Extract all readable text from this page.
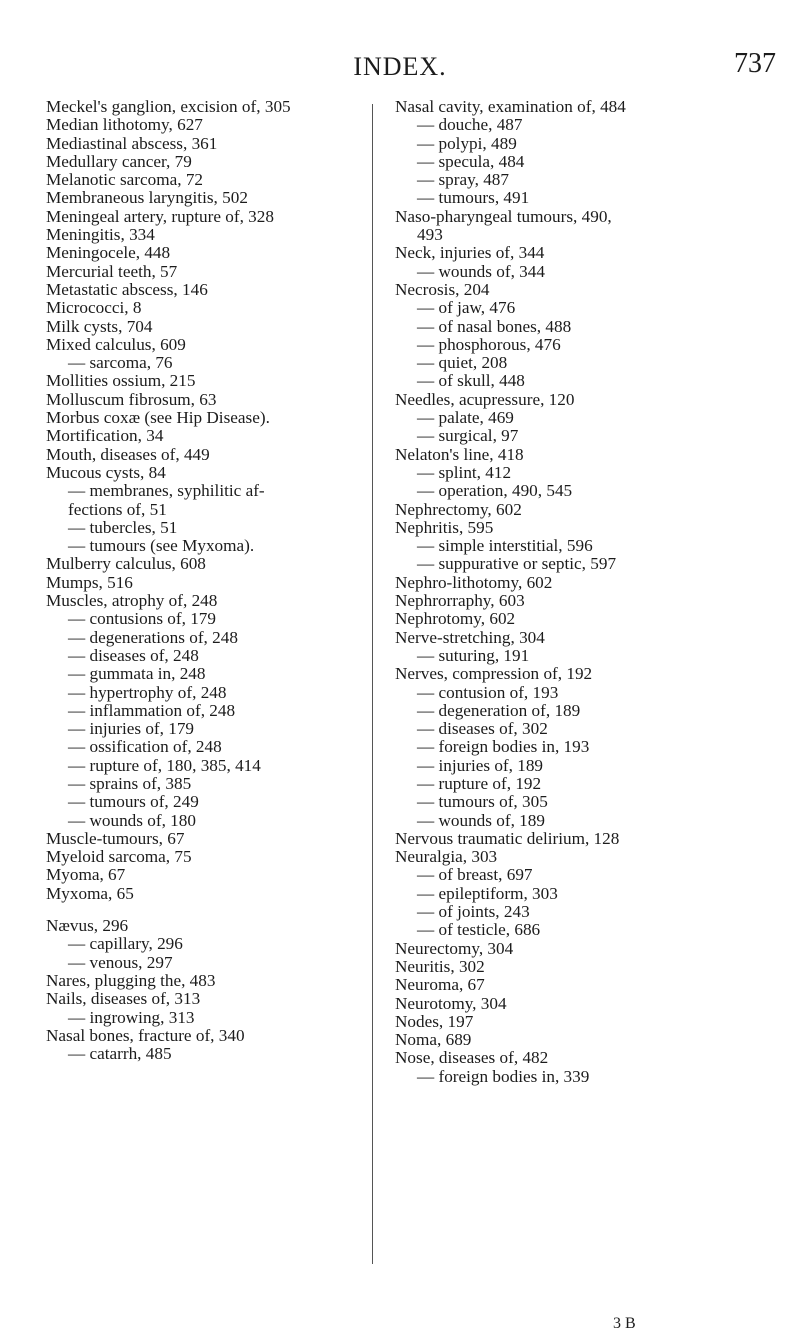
INDEX.	737
Meckel's ganglion, excision of, 305
Median lithotomy, 627
Mediastinal abscess, 361
Medullary cancer, 79
Melanotic sarcoma, 72
Membraneous laryngitis, 502
Meningeal artery, rupture of, 328
Meningitis, 334
Meningocele, 448
Mercurial teeth, 57
Metastatic abscess, 146
Micrococci, 8
Milk cysts, 704
Mixed calculus, 609
— sarcoma, 76
Mollities ossium, 215
Molluscum fibrosum, 63
Morbus coxæ (see Hip Disease).
Mortification, 34
Mouth, diseases of, 449
Mucous cysts, 84
— membranes, syphilitic af-
fections of, 51
— tubercles, 51
— tumours (see Myxoma).
Mulberry calculus, 608
Mumps, 516
Muscles, atrophy of, 248
— contusions of, 179
— degenerations of, 248
— diseases of, 248
— gummata in, 248
— hypertrophy of, 248
— inflammation of, 248
— injuries of, 179
— ossification of, 248
— rupture of, 180, 385, 414
— sprains of, 385
— tumours of, 249
— wounds of, 180
Muscle-tumours, 67
Myeloid sarcoma, 75
Myoma, 67
Myxoma, 65
Nævus, 296
— capillary, 296
— venous, 297
Nares, plugging the, 483
Nails, diseases of, 313
— ingrowing, 313
Nasal bones, fracture of, 340
— catarrh, 485
Nasal cavity, examination of, 484
— douche, 487
— polypi, 489
— specula, 484
— spray, 487
— tumours, 491
Naso-pharyngeal tumours, 490,
493
Neck, injuries of, 344
— wounds of, 344
Necrosis, 204
— of jaw, 476
— of nasal bones, 488
— phosphorous, 476
— quiet, 208
— of skull, 448
Needles, acupressure, 120
— palate, 469
— surgical, 97
Nelaton's line, 418
— splint, 412
— operation, 490, 545
Nephrectomy, 602
Nephritis, 595
— simple interstitial, 596
— suppurative or septic, 597
Nephro-lithotomy, 602
Nephrorraphy, 603
Nephrotomy, 602
Nerve-stretching, 304
— suturing, 191
Nerves, compression of, 192
— contusion of, 193
— degeneration of, 189
— diseases of, 302
— foreign bodies in, 193
— injuries of, 189
— rupture of, 192
— tumours of, 305
— wounds of, 189
Nervous traumatic delirium, 128
Neuralgia, 303
— of breast, 697
— epileptiform, 303
— of joints, 243
— of testicle, 686
Neurectomy, 304
Neuritis, 302
Neuroma, 67
Neurotomy, 304
Nodes, 197
Noma, 689
Nose, diseases of, 482
— foreign bodies in, 339
3 B
